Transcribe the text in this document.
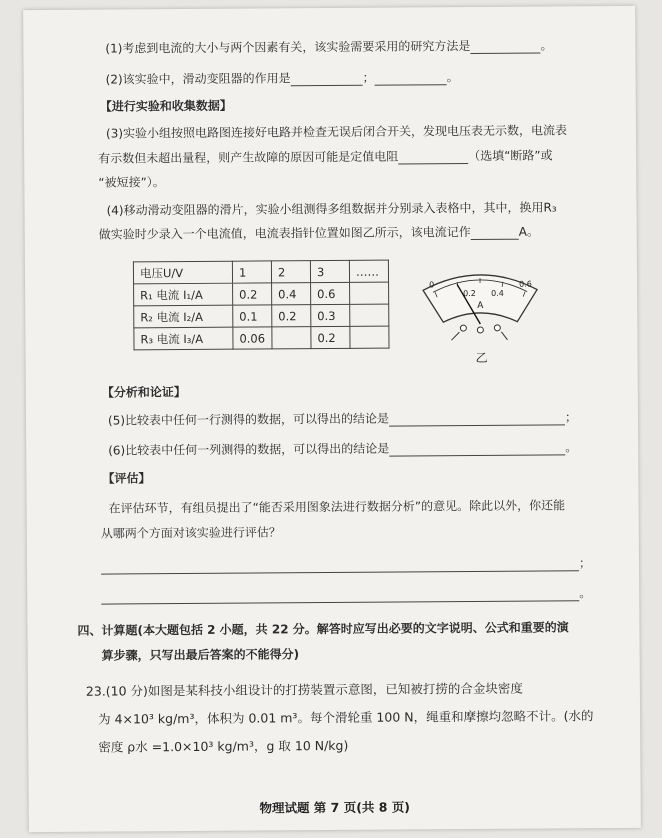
(1)考虑到电流的大小与两个因素有关，该实验需要采用的研究方法是	。
(2)该实验中，滑动变阻器的作用是	；	。
【进行实验和收集数据】
(3)实验小组按照电路图连接好电路并检查无误后闭合开关，发现电压表无示数，电流表
有示数但未超出量程，则产生故障的原因可能是定值电阻	（选填“断路”或
“被短接”）。
(4)移动滑动变阻器的滑片，实验小组测得多组数据并分别录入表格中，其中，换用R₃
做实验时少录入一个电流值，电流表指针位置如图乙所示，该电流记作	A。
电压U/V	1	2	3	……
R₁ 电流 I₁/A	0.2	0.4	0.6	
R₂ 电流 I₂/A	0.1	0.2	0.3	
R₃ 电流 I₃/A	0.06		0.2	
0
0.2 0.4
0.6
A
乙
【分析和论证】
(5)比较表中任何一行测得的数据，可以得出的结论是	；
(6)比较表中任何一列测得的数据，可以得出的结论是	。
【评估】
在评估环节，有组员提出了“能否采用图象法进行数据分析”的意见。除此以外，你还能
从哪两个方面对该实验进行评估？
；
。
四、计算题(本大题包括 2 小题，共 22 分。解答时应写出必要的文字说明、公式和重要的演
算步骤，只写出最后答案的不能得分)
23.(10 分)如图是某科技小组设计的打捞装置示意图，已知被打捞的合金块密度
为 4×10³ kg/m³，体积为 0.01 m³。每个滑轮重 100 N，绳重和摩擦均忽略不计。(水的
密度 ρ水 =1.0×10³ kg/m³，g 取 10 N/kg)
物理试题 第 7 页(共 8 页)
